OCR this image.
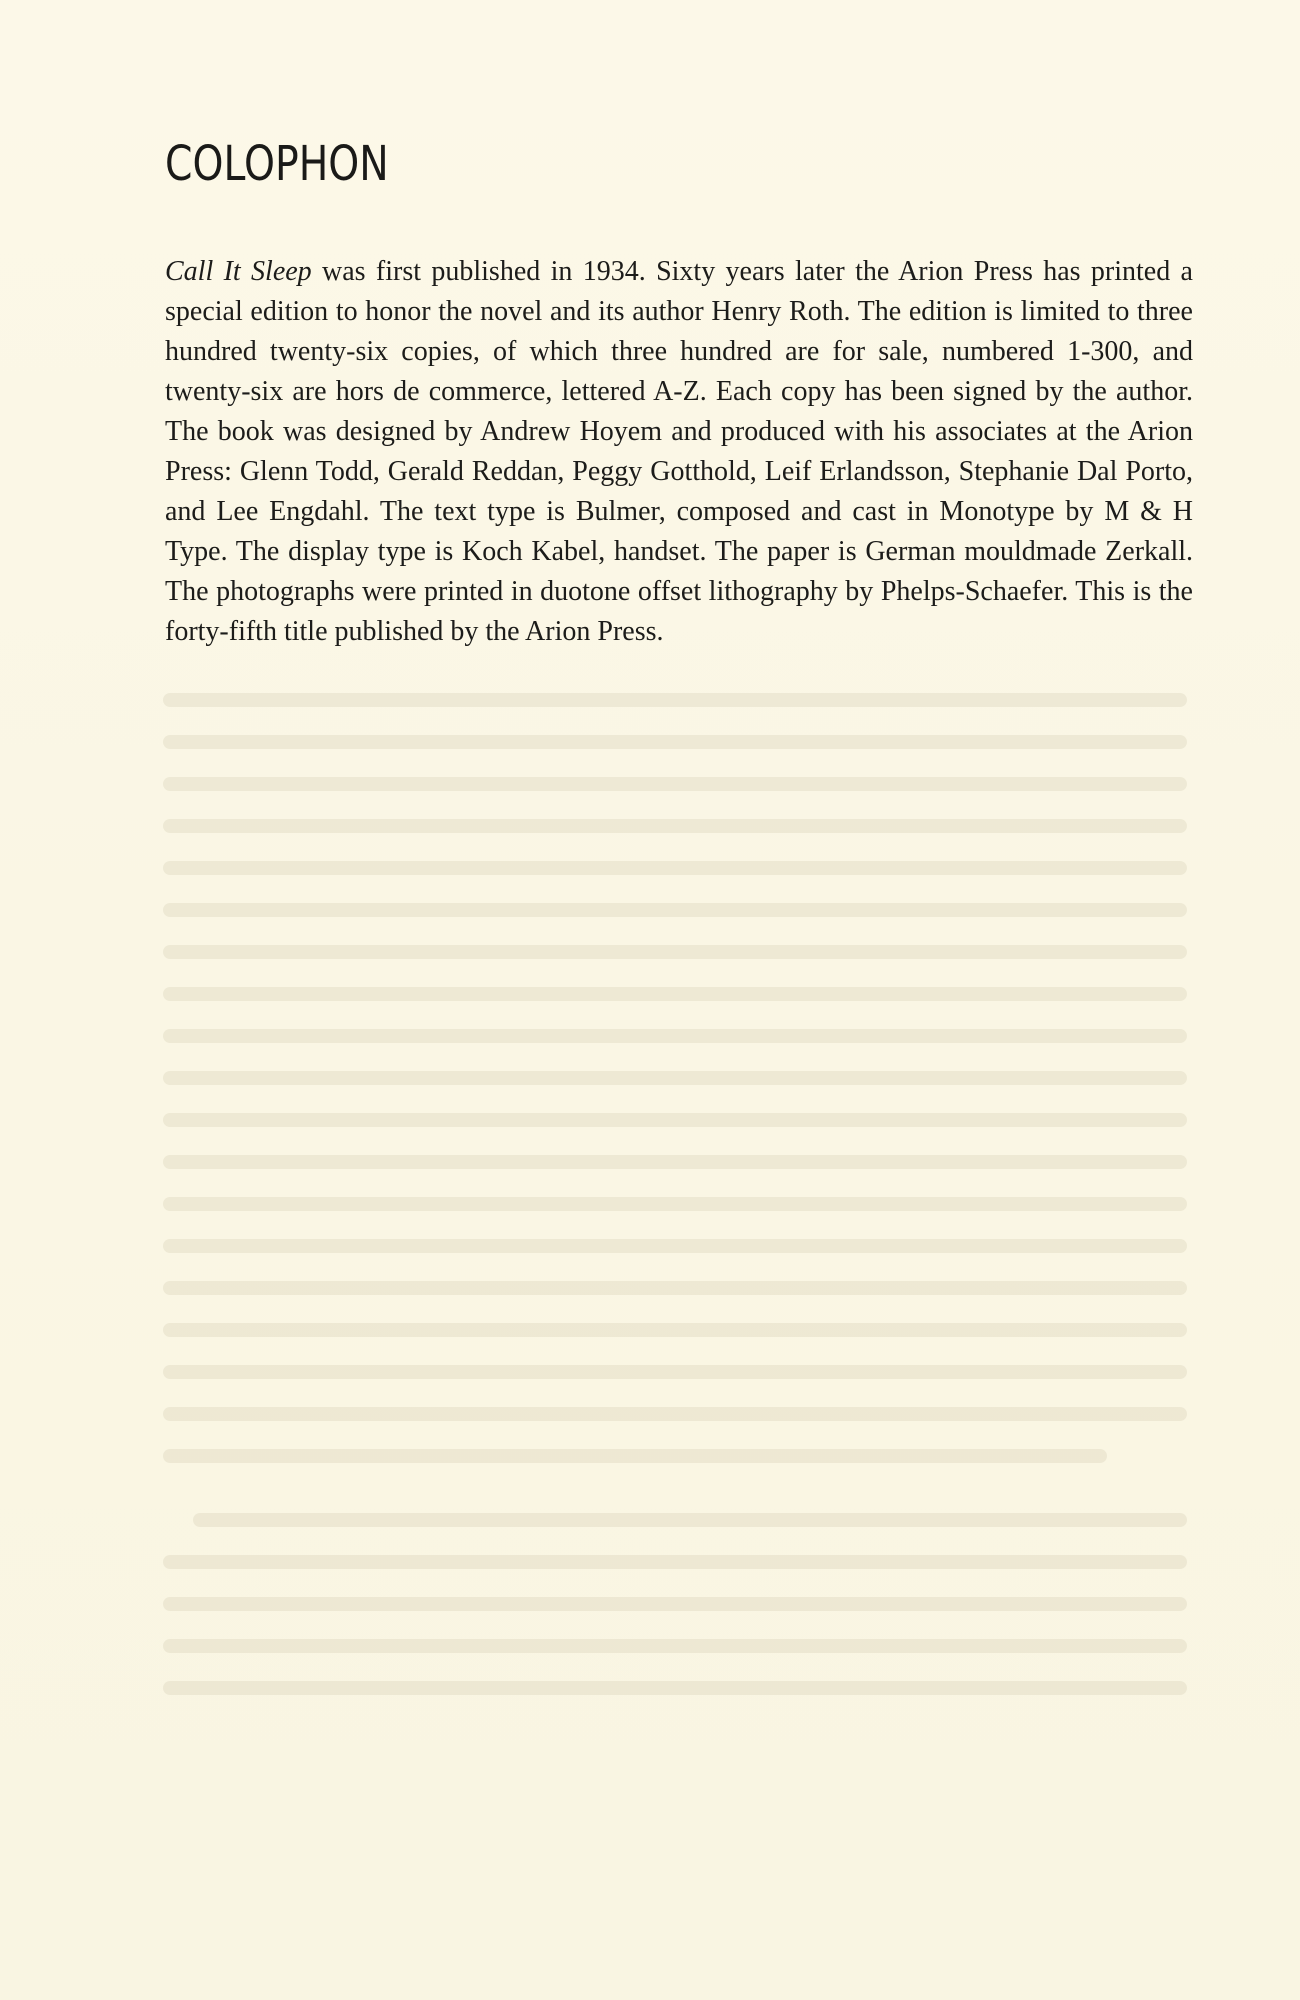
COLOPHON

Call It Sleep was first published in 1934. Sixty years later the Arion Press has printed a special edition to honor the novel and its author Henry Roth. The edition is limited to three hundred twenty-six copies, of which three hundred are for sale, numbered 1-300, and twenty-six are hors de commerce, lettered A-Z. Each copy has been signed by the author. The book was designed by Andrew Hoyem and produced with his associates at the Arion Press: Glenn Todd, Gerald Reddan, Peggy Gotthold, Leif Erlandsson, Stephanie Dal Porto, and Lee Engdahl. The text type is Bulmer, composed and cast in Monotype by M & H Type. The display type is Koch Kabel, handset. The paper is German mouldmade Zerkall. The photographs were printed in duotone offset lithography by Phelps-Schaefer. This is the forty-fifth title published by the Arion Press.
